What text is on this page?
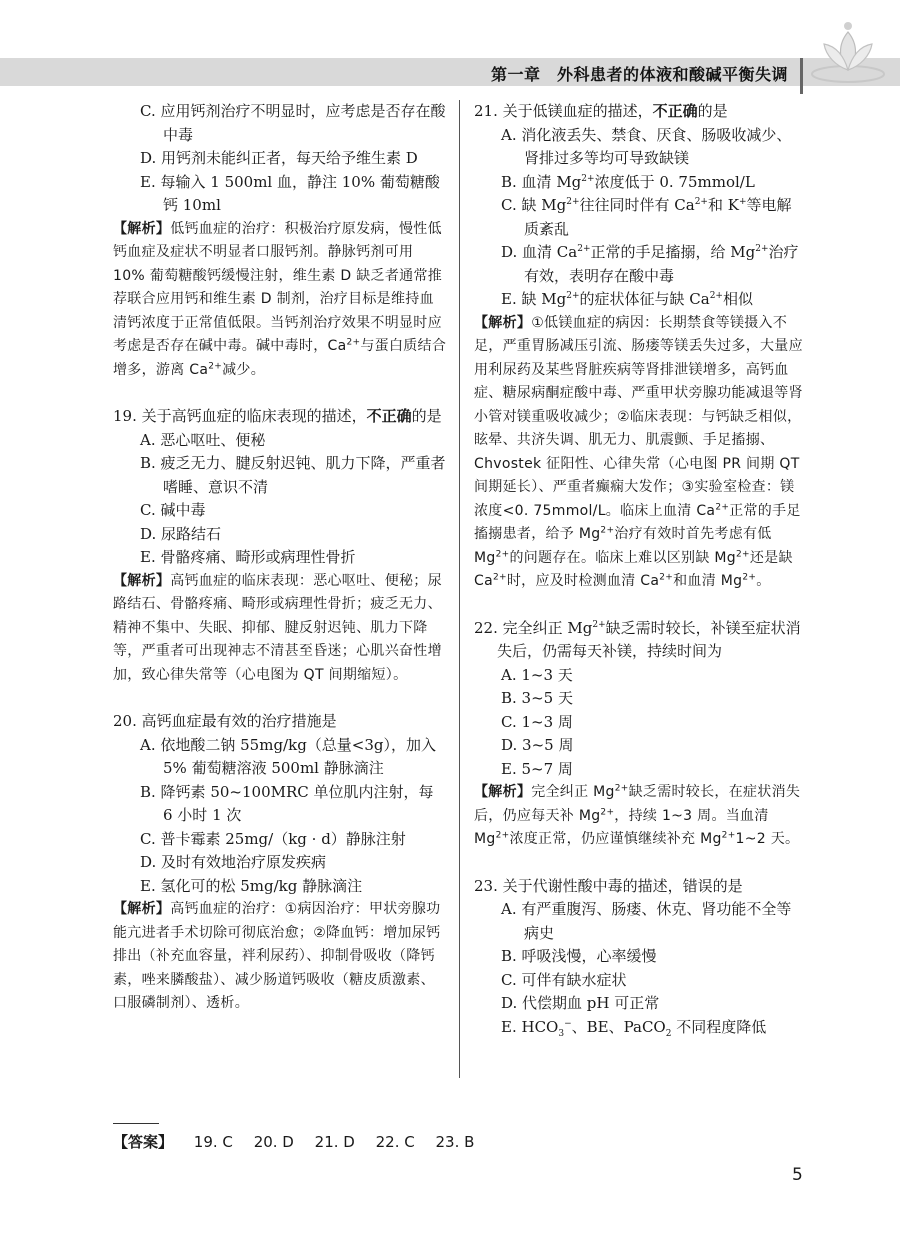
第一章　外科患者的体液和酸碱平衡失调

C. 应用钙剂治疗不明显时，应考虑是否存在酸中毒

D. 用钙剂未能纠正者，每天给予维生素 D

E. 每输入 1 500ml 血，静注 10% 葡萄糖酸钙 10ml

【解析】低钙血症的治疗：积极治疗原发病，慢性低钙血症及症状不明显者口服钙剂。静脉钙剂可用 10% 葡萄糖酸钙缓慢注射，维生素 D 缺乏者通常推荐联合应用钙和维生素 D 制剂，治疗目标是维持血清钙浓度于正常值低限。当钙剂治疗效果不明显时应考虑是否存在碱中毒。碱中毒时，$Ca^{2+}$与蛋白质结合增多，游离 $Ca^{2+}$减少。

19. 关于高钙血症的临床表现的描述，不正确的是

A. 恶心呕吐、便秘

B. 疲乏无力、腱反射迟钝、肌力下降，严重者嗜睡、意识不清

C. 碱中毒

D. 尿路结石

E. 骨骼疼痛、畸形或病理性骨折

【解析】高钙血症的临床表现：恶心呕吐、便秘；尿路结石、骨骼疼痛、畸形或病理性骨折；疲乏无力、精神不集中、失眠、抑郁、腱反射迟钝、肌力下降等，严重者可出现神志不清甚至昏迷；心肌兴奋性增加，致心律失常等（心电图为 QT 间期缩短）。

20. 高钙血症最有效的治疗措施是

A. 依地酸二钠 55mg/kg（总量<3g），加入 5% 葡萄糖溶液 500ml 静脉滴注

B. 降钙素 50~100MRC 单位肌内注射，每 6 小时 1 次

C. 普卡霉素 25mg/（kg · d）静脉注射

D. 及时有效地治疗原发疾病

E. 氢化可的松 5mg/kg 静脉滴注

【解析】高钙血症的治疗：①病因治疗：甲状旁腺功能亢进者手术切除可彻底治愈；②降血钙：增加尿钙排出（补充血容量，袢利尿药）、抑制骨吸收（降钙素，唑来膦酸盐）、减少肠道钙吸收（糖皮质激素、口服磷制剂）、透析。

21. 关于低镁血症的描述，不正确的是

A. 消化液丢失、禁食、厌食、肠吸收减少、肾排过多等均可导致缺镁

B. 血清 $Mg^{2+}$浓度低于 0. 75mmol/L

C. 缺 $Mg^{2+}$往往同时伴有 $Ca^{2+}$和 K+等电解质紊乱

D. 血清 $Ca^{2+}$正常的手足搐搦，给 $Mg^{2+}$治疗有效，表明存在酸中毒

E. 缺 $Mg^{2+}$的症状体征与缺 $Ca^{2+}$相似

【解析】①低镁血症的病因：长期禁食等镁摄入不足，严重胃肠减压引流、肠瘘等镁丢失过多，大量应用利尿药及某些肾脏疾病等肾排泄镁增多，高钙血症、糖尿病酮症酸中毒、严重甲状旁腺功能减退等肾小管对镁重吸收减少；②临床表现：与钙缺乏相似，眩晕、共济失调、肌无力、肌震颤、手足搐搦、Chvostek 征阳性、心律失常（心电图 PR 间期 QT 间期延长）、严重者癫痫大发作；③实验室检查：镁浓度<0. 75mmol/L。临床上血清 $Ca^{2+}$正常的手足搐搦患者，给予 $Mg^{2+}$治疗有效时首先考虑有低 $Mg^{2+}$的问题存在。临床上难以区别缺 $Mg^{2+}$还是缺 $Ca^{2+}$时，应及时检测血清 $Ca^{2+}$和血清 $Mg^{2+}$。

22. 完全纠正 $Mg^{2+}$缺乏需时较长，补镁至症状消失后，仍需每天补镁，持续时间为

A. 1~3 天

B. 3~5 天

C. 1~3 周

D. 3~5 周

E. 5~7 周

【解析】完全纠正 $Mg^{2+}$缺乏需时较长，在症状消失后，仍应每天补 $Mg^{2+}$，持续 1~3 周。当血清 $Mg^{2+}$浓度正常，仍应谨慎继续补充 $Mg^{2+}1\sim 2$ 天。

23. 关于代谢性酸中毒的描述，错误的是

A. 有严重腹泻、肠瘘、休克、肾功能不全等病史

B. 呼吸浅慢，心率缓慢

C. 可伴有缺水症状

D. 代偿期血 pH 可正常

E. $HCO_3^-$、BE、PaCO$_2$ 不同程度降低

【答案】 19. C 20. D 21. D 22. C 23. B
5
